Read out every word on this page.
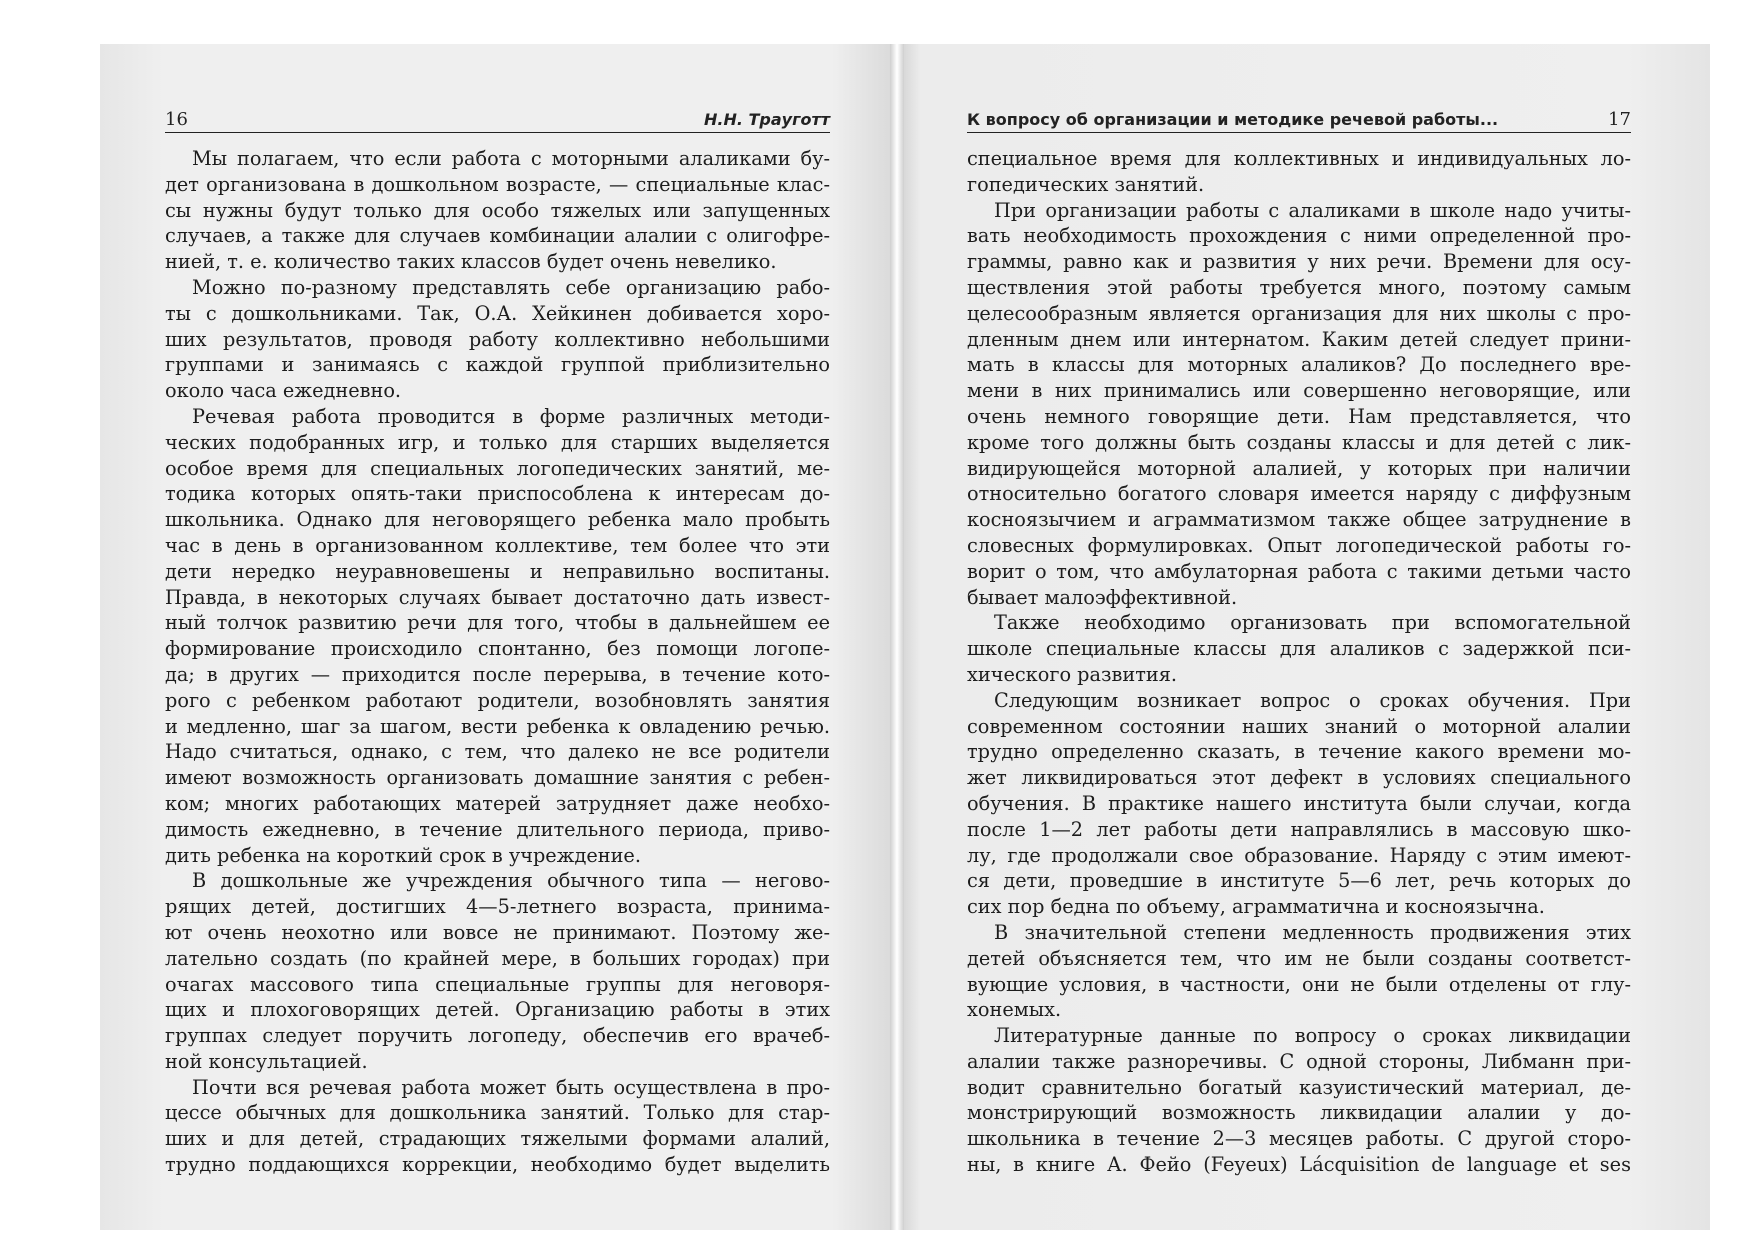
16	Н.Н. Трауготт	К вопросу об организации и методике речевой работы...	17
Мы полагаем, что если работа с моторными алаликами бу-
дет организована в дошкольном возрасте, — специальные клас-
сы нужны будут только для особо тяжелых или запущенных
случаев, а также для случаев комбинации алалии с олигофре-
нией, т. е. количество таких классов будет очень невелико.
Можно по-разному представлять себе организацию рабо-
ты с дошкольниками. Так, О.А. Хейкинен добивается хоро-
ших результатов, проводя работу коллективно небольшими
группами и занимаясь с каждой группой приблизительно
около часа ежедневно.
Речевая работа проводится в форме различных методи-
ческих подобранных игр, и только для старших выделяется
особое время для специальных логопедических занятий, ме-
тодика которых опять-таки приспособлена к интересам до-
школьника. Однако для неговорящего ребенка мало пробыть
час в день в организованном коллективе, тем более что эти
дети нередко неуравновешены и неправильно воспитаны.
Правда, в некоторых случаях бывает достаточно дать извест-
ный толчок развитию речи для того, чтобы в дальнейшем ее
формирование происходило спонтанно, без помощи логопе-
да; в других — приходится после перерыва, в течение кото-
рого с ребенком работают родители, возобновлять занятия
и медленно, шаг за шагом, вести ребенка к овладению речью.
Надо считаться, однако, с тем, что далеко не все родители
имеют возможность организовать домашние занятия с ребен-
ком; многих работающих матерей затрудняет даже необхо-
димость ежедневно, в течение длительного периода, приво-
дить ребенка на короткий срок в учреждение.
В дошкольные же учреждения обычного типа — негово-
рящих детей, достигших 4—5-летнего возраста, принима-
ют очень неохотно или вовсе не принимают. Поэтому же-
лательно создать (по крайней мере, в больших городах) при
очагах массового типа специальные группы для неговоря-
щих и плохоговорящих детей. Организацию работы в этих
группах следует поручить логопеду, обеспечив его врачеб-
ной консультацией.
Почти вся речевая работа может быть осуществлена в про-
цессе обычных для дошкольника занятий. Только для стар-
ших и для детей, страдающих тяжелыми формами алалий,
трудно поддающихся коррекции, необходимо будет выделить
специальное время для коллективных и индивидуальных ло-
гопедических занятий.
При организации работы с алаликами в школе надо учиты-
вать необходимость прохождения с ними определенной про-
граммы, равно как и развития у них речи. Времени для осу-
ществления этой работы требуется много, поэтому самым
целесообразным является организация для них школы с про-
дленным днем или интернатом. Каким детей следует прини-
мать в классы для моторных алаликов? До последнего вре-
мени в них принимались или совершенно неговорящие, или
очень немного говорящие дети. Нам представляется, что
кроме того должны быть созданы классы и для детей с лик-
видирующейся моторной алалией, у которых при наличии
относительно богатого словаря имеется наряду с диффузным
косноязычием и аграмматизмом также общее затруднение в
словесных формулировках. Опыт логопедической работы го-
ворит о том, что амбулаторная работа с такими детьми часто
бывает малоэффективной.
Также необходимо организовать при вспомогательной
школе специальные классы для алаликов с задержкой пси-
хического развития.
Следующим возникает вопрос о сроках обучения. При
современном состоянии наших знаний о моторной алалии
трудно определенно сказать, в течение какого времени мо-
жет ликвидироваться этот дефект в условиях специального
обучения. В практике нашего института были случаи, когда
после 1—2 лет работы дети направлялись в массовую шко-
лу, где продолжали свое образование. Наряду с этим имеют-
ся дети, проведшие в институте 5—6 лет, речь которых до
сих пор бедна по объему, аграмматична и косноязычна.
В значительной степени медленность продвижения этих
детей объясняется тем, что им не были созданы соответст-
вующие условия, в частности, они не были отделены от глу-
хонемых.
Литературные данные по вопросу о сроках ликвидации
алалии также разноречивы. С одной стороны, Либманн при-
водит сравнительно богатый казуистический материал, де-
монстрирующий возможность ликвидации алалии у до-
школьника в течение 2—3 месяцев работы. С другой сторо-
ны, в книге А. Фейо (Feyeux) Lácquisition de language et ses
